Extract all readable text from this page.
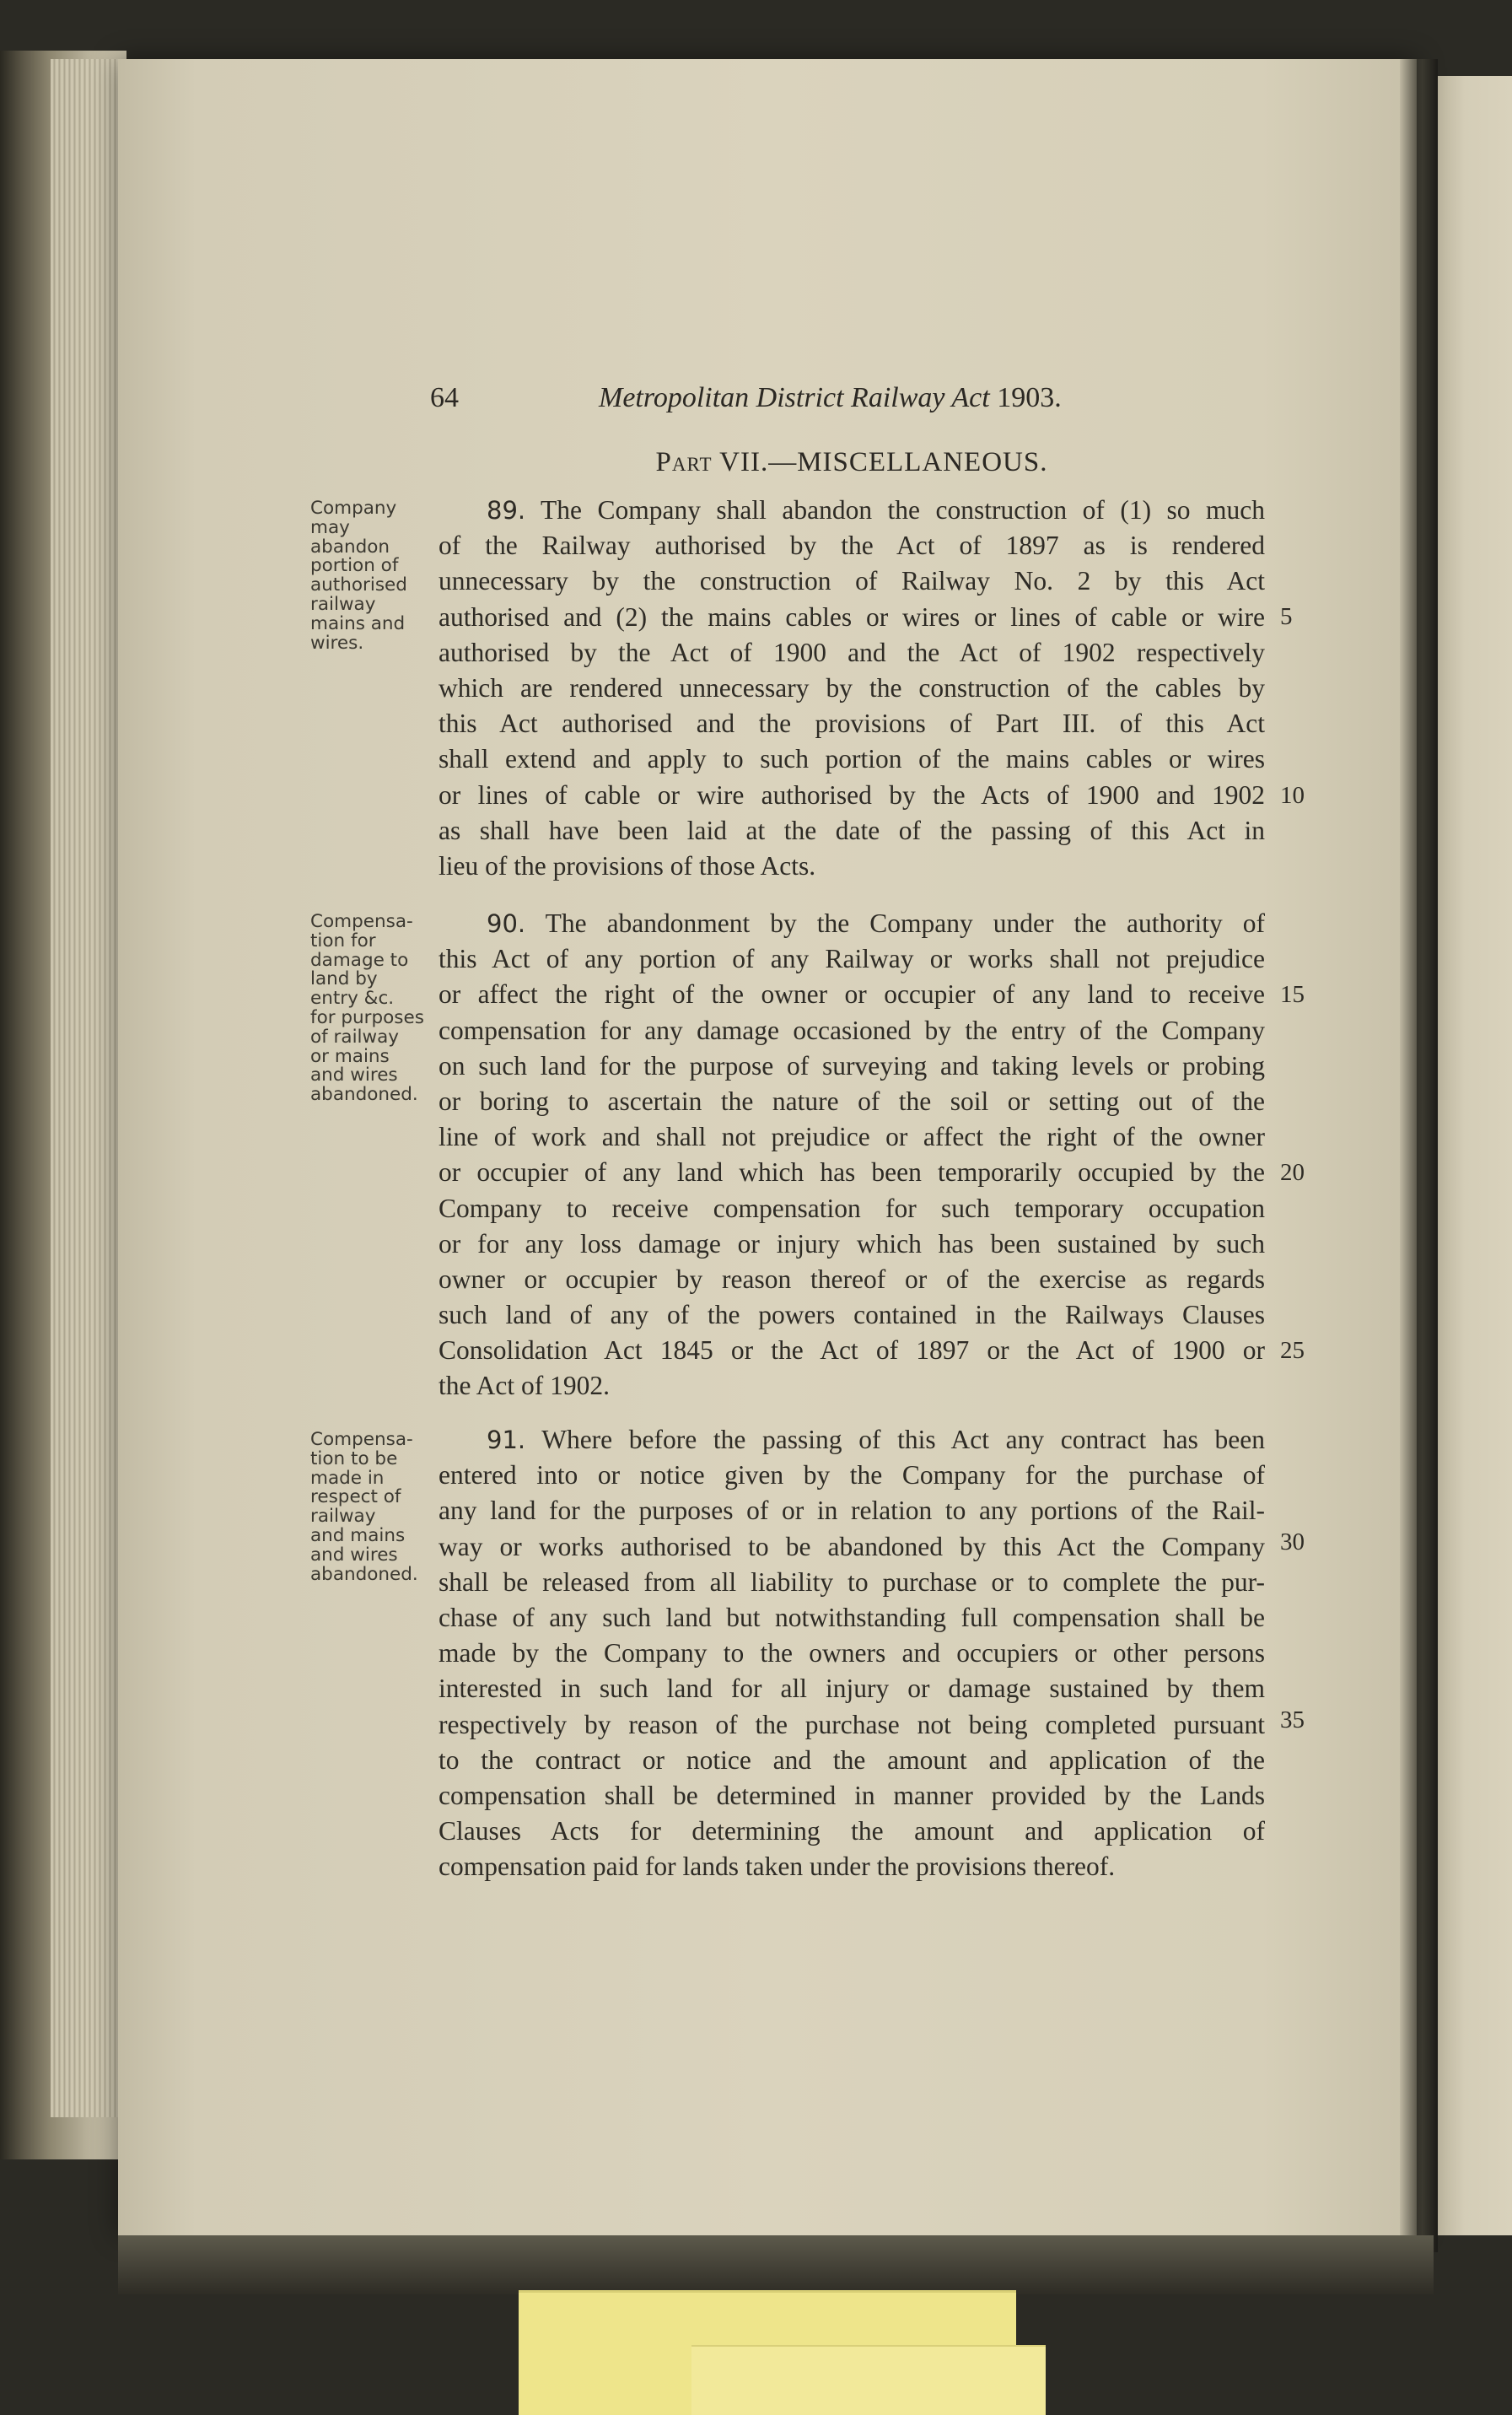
64	Metropolitan District Railway Act 1903.
Part VII.—MISCELLANEOUS.
Company
may
abandon
portion of
authorised
railway
mains and
wires.
89. The Company shall abandon the construction of (1) so much
of the Railway authorised by the Act of 1897 as is rendered
unnecessary by the construction of Railway No. 2 by this Act
authorised and (2) the mains cables or wires or lines of cable or wire
authorised by the Act of 1900 and the Act of 1902 respectively
which are rendered unnecessary by the construction of the cables by
this Act authorised and the provisions of Part III. of this Act
shall extend and apply to such portion of the mains cables or wires
or lines of cable or wire authorised by the Acts of 1900 and 1902
as shall have been laid at the date of the passing of this Act in
lieu of the provisions of those Acts.
Compensa-
tion for
damage to
land by
entry &c.
for purposes
of railway
or mains
and wires
abandoned.
90. The abandonment by the Company under the authority of
this Act of any portion of any Railway or works shall not prejudice
or affect the right of the owner or occupier of any land to receive
compensation for any damage occasioned by the entry of the Company
on such land for the purpose of surveying and taking levels or probing
or boring to ascertain the nature of the soil or setting out of the
line of work and shall not prejudice or affect the right of the owner
or occupier of any land which has been temporarily occupied by the
Company to receive compensation for such temporary occupation
or for any loss damage or injury which has been sustained by such
owner or occupier by reason thereof or of the exercise as regards
such land of any of the powers contained in the Railways Clauses
Consolidation Act 1845 or the Act of 1897 or the Act of 1900 or
the Act of 1902.
Compensa-
tion to be
made in
respect of
railway
and mains
and wires
abandoned.
91. Where before the passing of this Act any contract has been
entered into or notice given by the Company for the purchase of
any land for the purposes of or in relation to any portions of the Rail-
way or works authorised to be abandoned by this Act the Company
shall be released from all liability to purchase or to complete the pur-
chase of any such land but notwithstanding full compensation shall be
made by the Company to the owners and occupiers or other persons
interested in such land for all injury or damage sustained by them
respectively by reason of the purchase not being completed pursuant
to the contract or notice and the amount and application of the
compensation shall be determined in manner provided by the Lands
Clauses Acts for determining the amount and application of
compensation paid for lands taken under the provisions thereof.
5
10
15
20
25
30
35
